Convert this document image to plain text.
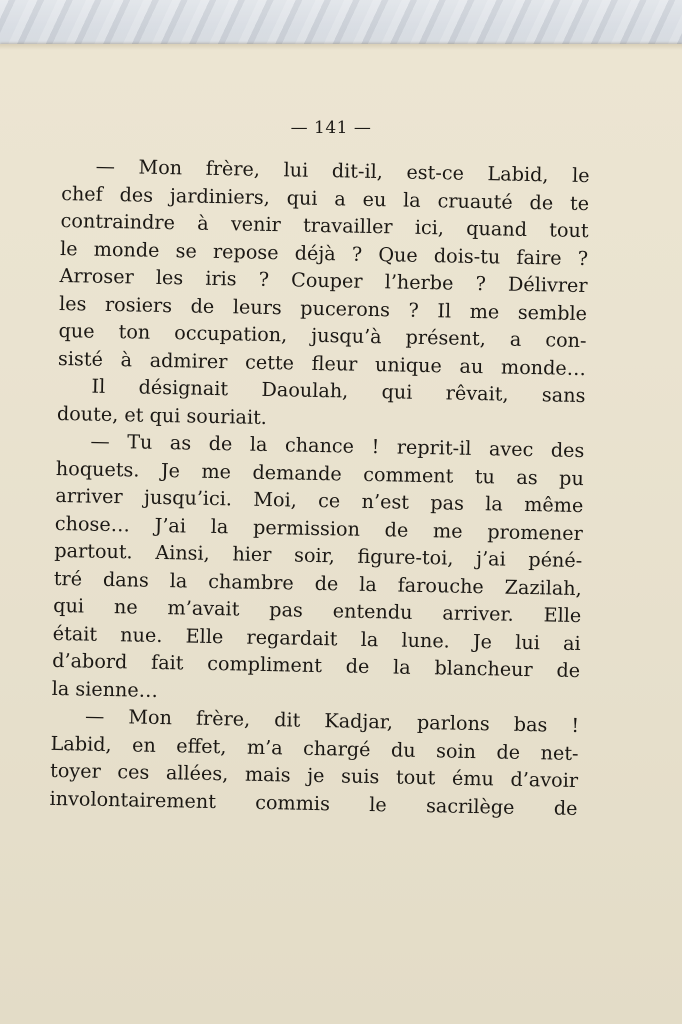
— 141 —
— Mon frère, lui dit-il, est-ce Labid, le
chef des jardiniers, qui a eu la cruauté de te
contraindre à venir travailler ici, quand tout
le monde se repose déjà ? Que dois-tu faire ?
Arroser les iris ? Couper l’herbe ? Délivrer
les rosiers de leurs pucerons ? Il me semble
que ton occupation, jusqu’à présent, a con-
sisté à admirer cette fleur unique au monde…
Il désignait Daoulah, qui rêvait, sans
doute, et qui souriait.
— Tu as de la chance ! reprit-il avec des
hoquets. Je me demande comment tu as pu
arriver jusqu’ici. Moi, ce n’est pas la même
chose… J’ai la permission de me promener
partout. Ainsi, hier soir, figure-toi, j’ai péné-
tré dans la chambre de la farouche Zazilah,
qui ne m’avait pas entendu arriver. Elle
était nue. Elle regardait la lune. Je lui ai
d’abord fait compliment de la blancheur de
la sienne…
— Mon frère, dit Kadjar, parlons bas !
Labid, en effet, m’a chargé du soin de net-
toyer ces allées, mais je suis tout ému d’avoir
involontairement commis le sacrilège de
